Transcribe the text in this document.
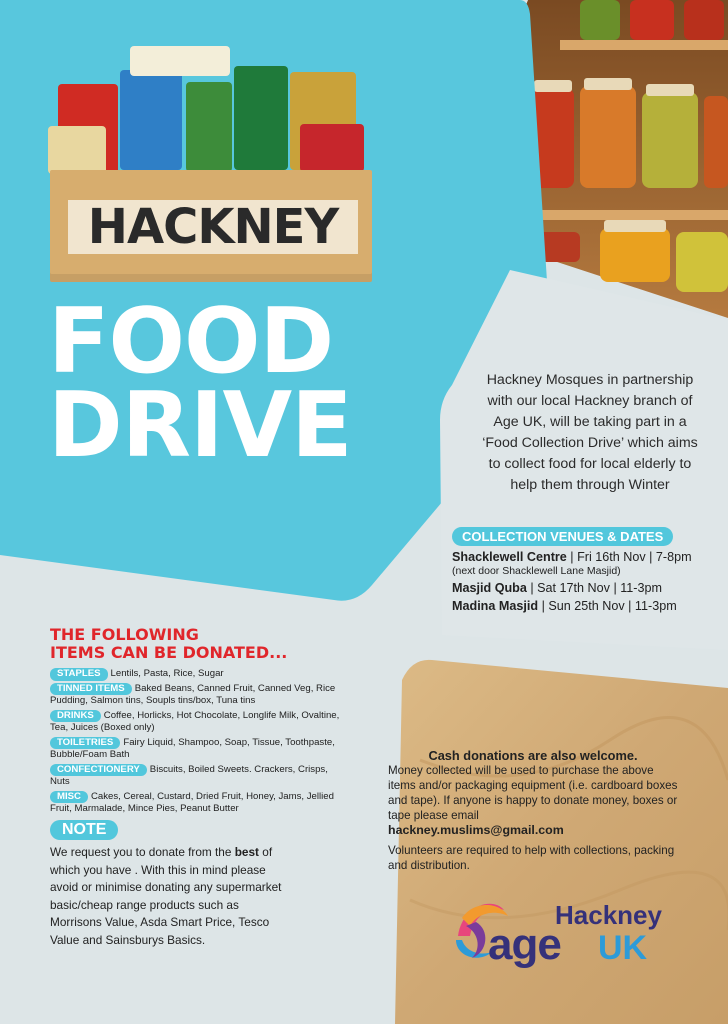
HACKNEY
FOOD
DRIVE	Hackney Mosques in partnership with our local Hackney branch of Age UK, will be taking part in a ‘Food Collection Drive’ which aims to collect food for local elderly to help them through Winter
COLLECTION VENUES & DATES
Shacklewell Centre | Fri 16th Nov | 7-8pm
(next door Shacklewell Lane Masjid)
Masjid Quba | Sat 17th Nov | 11-3pm
Madina Masjid | Sun 25th Nov | 11-3pm
THE FOLLOWING
ITEMS CAN BE DONATED...
STAPLES Lentils, Pasta, Rice, Sugar
TINNED ITEMS Baked Beans, Canned Fruit, Canned Veg, Rice Pudding, Salmon tins, Soupls tins/box, Tuna tins
DRINKS Coffee, Horlicks, Hot Chocolate, Longlife Milk, Ovaltine, Tea, Juices (Boxed only)
TOILETRIES Fairy Liquid, Shampoo, Soap, Tissue, Toothpaste, Bubble/Foam Bath
CONFECTIONERY Biscuits, Boiled Sweets. Crackers, Crisps, Nuts
MISC Cakes, Cereal, Custard, Dried Fruit, Honey, Jams, Jellied Fruit, Marmalade, Mince Pies, Peanut Butter
NOTE
We request you to donate from the best of which you have . With this in mind please avoid or minimise donating any supermarket basic/cheap range products such as Morrisons Value, Asda Smart Price, Tesco Value and Sainsburys Basics.
Cash donations are also welcome.
Money collected will be used to purchase the above items and/or packaging equipment (i.e. cardboard boxes and tape). If anyone is happy to donate money, boxes or tape please email
hackney.muslims@gmail.com
Volunteers are required to help with collections, packing and distribution.
Hackney
age UK
